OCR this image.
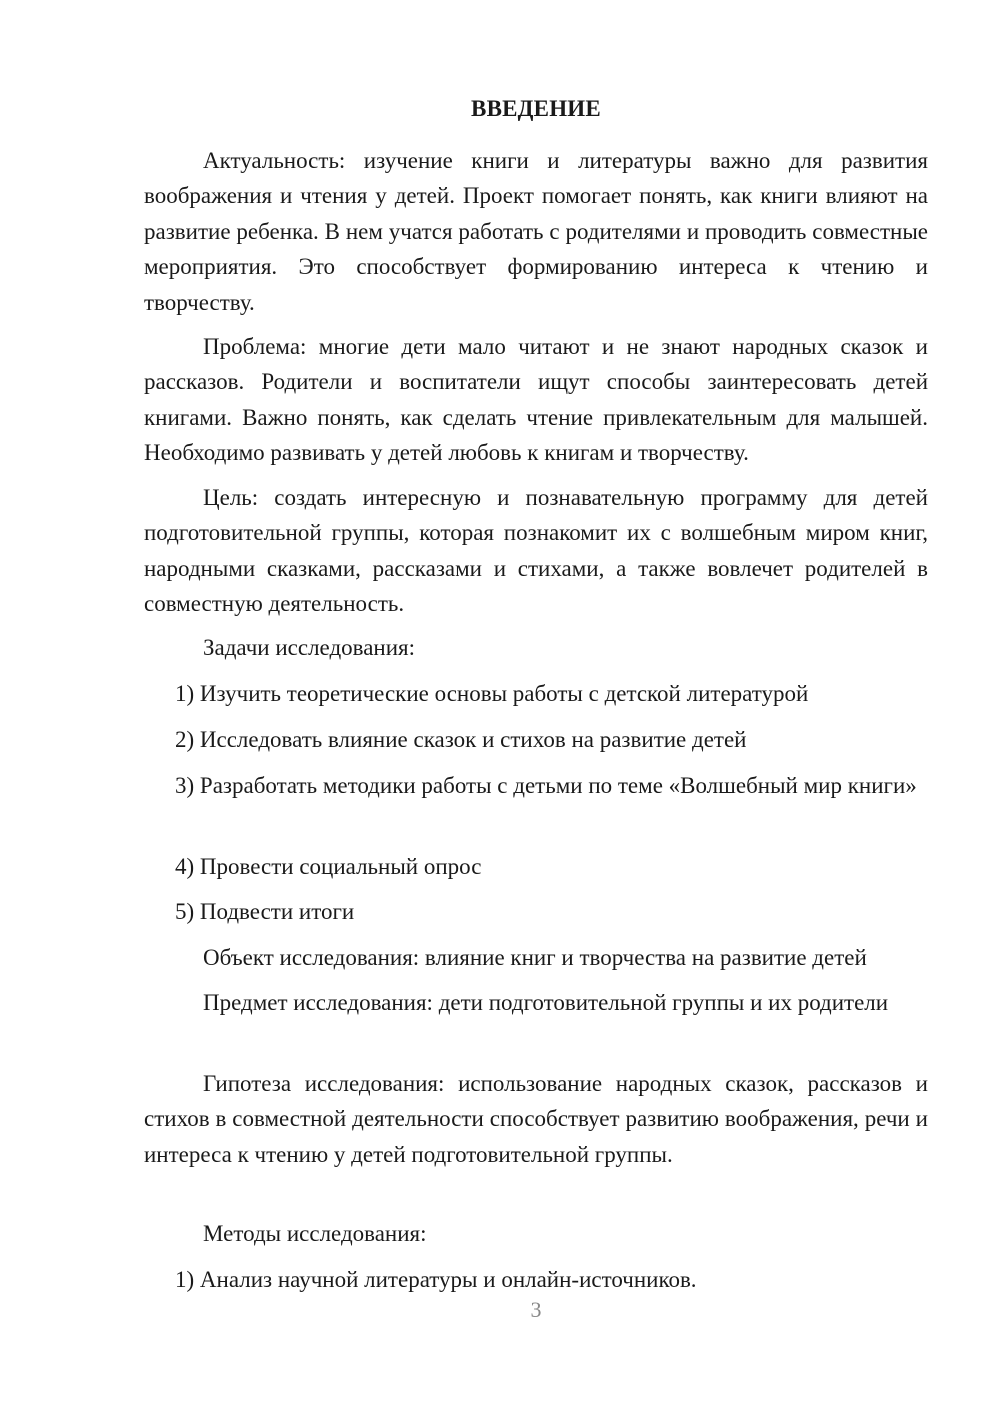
ВВЕДЕНИЕ
Актуальность: изучение книги и литературы важно для развития воображения и чтения у детей. Проект помогает понять, как книги влияют на развитие ребенка. В нем учатся работать с родителями и проводить совместные мероприятия. Это способствует формированию интереса к чтению и творчеству.
Проблема: многие дети мало читают и не знают народных сказок и рассказов. Родители и воспитатели ищут способы заинтересовать детей книгами. Важно понять, как сделать чтение привлекательным для малышей. Необходимо развивать у детей любовь к книгам и творчеству.
Цель: создать интересную и познавательную программу для детей подготовительной группы, которая познакомит их с волшебным миром книг, народными сказками, рассказами и стихами, а также вовлечет родителей в совместную деятельность.
Задачи исследования:
1) Изучить теоретические основы работы с детской литературой
2) Исследовать влияние сказок и стихов на развитие детей
3) Разработать методики работы с детьми по теме «Волшебный мир книги»
4) Провести социальный опрос
5) Подвести итоги
Объект исследования: влияние книг и творчества на развитие детей
Предмет исследования: дети подготовительной группы и их родители
Гипотеза исследования: использование народных сказок, рассказов и стихов в совместной деятельности способствует развитию воображения, речи и интереса к чтению у детей подготовительной группы.
Методы исследования:
1) Анализ научной литературы и онлайн-источников.
3
